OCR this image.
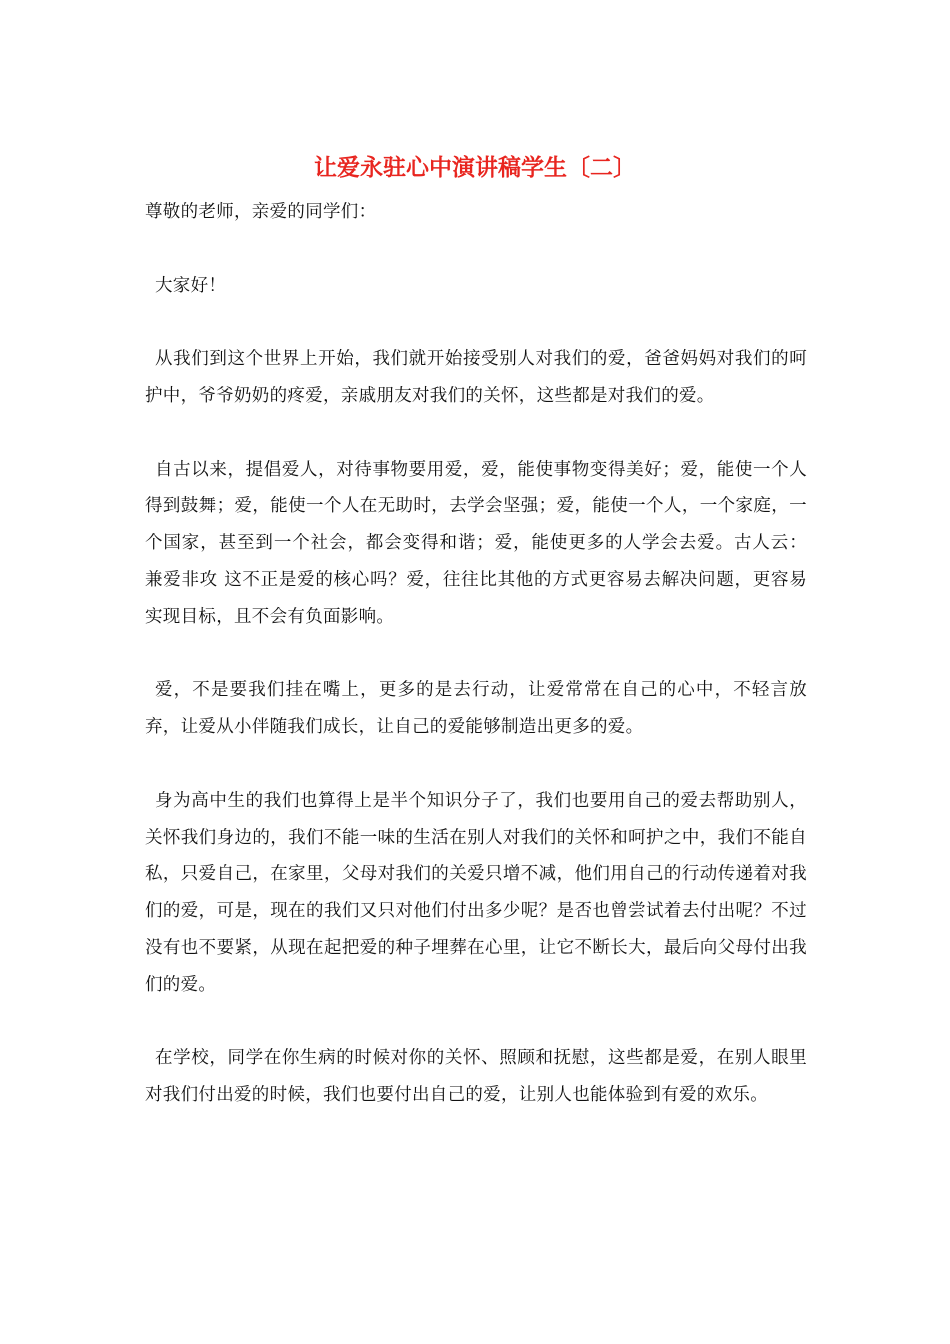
让爱永驻心中演讲稿学生〔二〕

尊敬的老师，亲爱的同学们：

大家好！

从我们到这个世界上开始，我们就开始接受别人对我们的爱，爸爸妈妈对我们的呵护中，爷爷奶奶的疼爱，亲戚朋友对我们的关怀，这些都是对我们的爱。

自古以来，提倡爱人，对待事物要用爱，爱，能使事物变得美好；爱，能使一个人得到鼓舞；爱，能使一个人在无助时，去学会坚强；爱，能使一个人，一个家庭，一个国家，甚至到一个社会，都会变得和谐；爱，能使更多的人学会去爱。古人云： 兼爱非攻 这不正是爱的核心吗？爱，往往比其他的方式更容易去解决问题，更容易实现目标，且不会有负面影响。

爱，不是要我们挂在嘴上，更多的是去行动，让爱常常在自己的心中，不轻言放弃，让爱从小伴随我们成长，让自己的爱能够制造出更多的爱。

身为高中生的我们也算得上是半个知识分子了，我们也要用自己的爱去帮助别人，关怀我们身边的，我们不能一味的生活在别人对我们的关怀和呵护之中，我们不能自私，只爱自己，在家里，父母对我们的关爱只增不减，他们用自己的行动传递着对我们的爱，可是，现在的我们又只对他们付出多少呢？是否也曾尝试着去付出呢？不过没有也不要紧，从现在起把爱的种子埋葬在心里，让它不断长大，最后向父母付出我们的爱。

在学校，同学在你生病的时候对你的关怀、照顾和抚慰，这些都是爱，在别人眼里对我们付出爱的时候，我们也要付出自己的爱，让别人也能体验到有爱的欢乐。
